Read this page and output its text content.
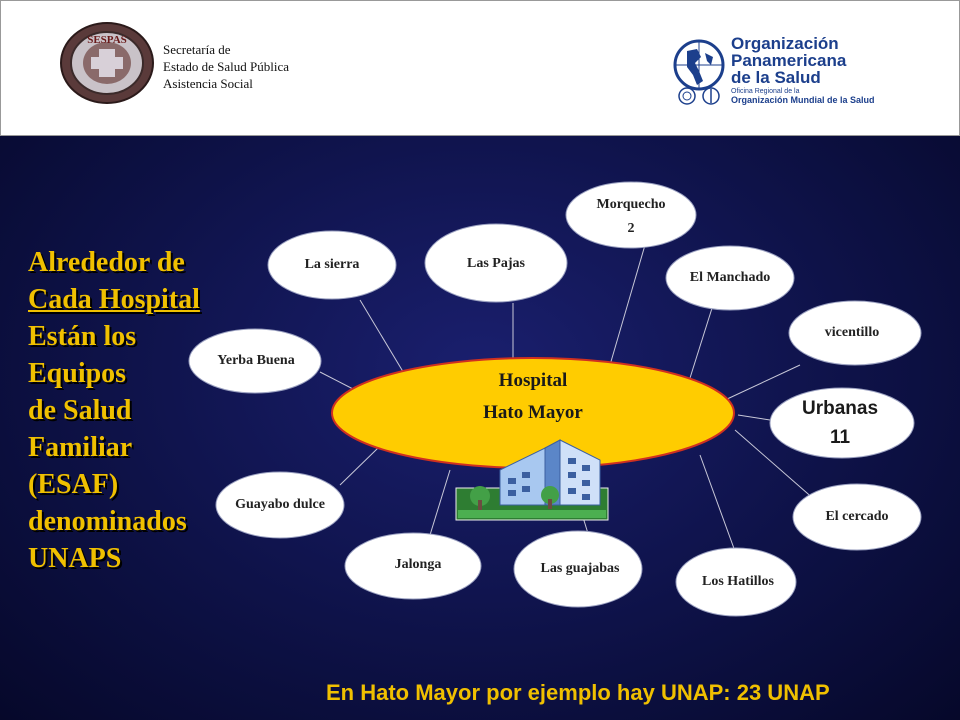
SESPAS
Secretaría de
Estado de Salud Pública
Asistencia Social
Organización
Panamericana
de la Salud
Oficina Regional de la
Organización Mundial de la Salud
Alrededor de
Cada Hospital
Están los
Equipos
de Salud
Familiar
(ESAF)
denominados
UNAPS
La sierra	Las Pajas
Morquecho
2
El Manchado
vicentillo
Yerba Buena
Guayabo dulce
Jalonga	Las guajabas
Los Hatillos
El cercado
Urbanas
11
Hospital
Hato Mayor
En Hato Mayor por ejemplo hay UNAP: 23 UNAP
